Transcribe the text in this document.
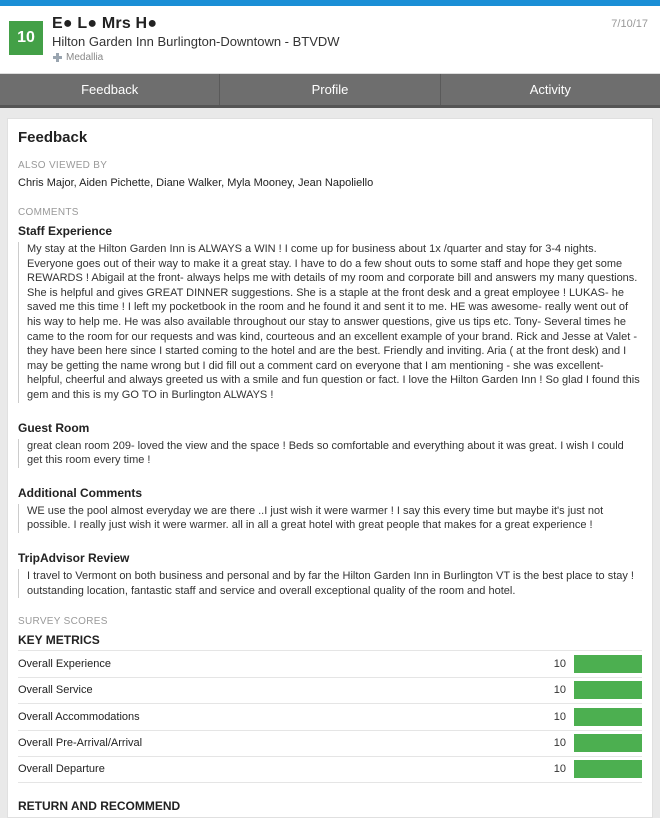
10
E● L● Mrs H●
Hilton Garden Inn Burlington-Downtown - BTVDW
Medallia
7/10/17
Feedback	Profile	Activity
Feedback
ALSO VIEWED BY
Chris Major, Aiden Pichette, Diane Walker, Myla Mooney, Jean Napoliello
COMMENTS
Staff Experience
My stay at the Hilton Garden Inn is ALWAYS a WIN ! I come up for business about 1x /quarter and stay for 3-4 nights. Everyone goes out of their way to make it a great stay. I have to do a few shout outs to some staff and hope they get some REWARDS ! Abigail at the front- always helps me with details of my room and corporate bill and answers my many questions. She is helpful and gives GREAT DINNER suggestions. She is a staple at the front desk and a great employee ! LUKAS- he saved me this time ! I left my pocketbook in the room and he found it and sent it to me. HE was awesome- really went out of his way to help me. He was also available throughout our stay to answer questions, give us tips etc. Tony- Several times he came to the room for our requests and was kind, courteous and an excellent example of your brand. Rick and Jesse at Valet - they have been here since I started coming to the hotel and are the best. Friendly and inviting. Aria ( at the front desk) and I may be getting the name wrong but I did fill out a comment card on everyone that I am mentioning - she was excellent- helpful, cheerful and always greeted us with a smile and fun question or fact. I love the Hilton Garden Inn ! So glad I found this gem and this is my GO TO in Burlington ALWAYS !
Guest Room
great clean room 209- loved the view and the space ! Beds so comfortable and everything about it was great. I wish I could get this room every time !
Additional Comments
WE use the pool almost everyday we are there ..I just wish it were warmer ! I say this every time but maybe it's just not possible. I really just wish it were warmer. all in all a great hotel with great people that makes for a great experience !
TripAdvisor Review
I travel to Vermont on both business and personal and by far the Hilton Garden Inn in Burlington VT is the best place to stay ! outstanding location, fantastic staff and service and overall exceptional quality of the room and hotel.
SURVEY SCORES
KEY METRICS
Overall Experience	10
Overall Service	10
Overall Accommodations	10
Overall Pre-Arrival/Arrival	10
Overall Departure	10
RETURN AND RECOMMEND
